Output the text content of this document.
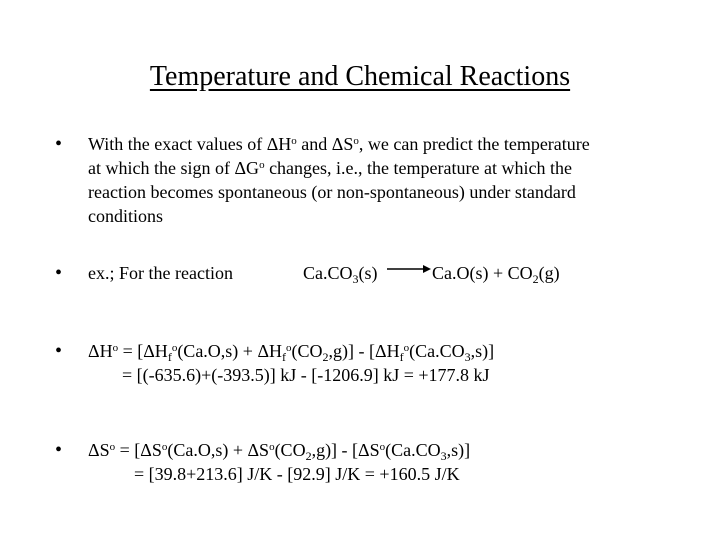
Temperature and Chemical Reactions
• With the exact values of $\Delta H^o$ and $\Delta S^o$, we can predict the temperature
at which the sign of $\Delta G^o$ changes, i.e., the temperature at which the
reaction becomes spontaneous (or non-spontaneous) under standard
conditions
• ex.; For the reaction	$Ca.CO_3(s) \to Ca.O(s) + CO_2(g)$
• $\Delta H^o = [\Delta H_f^o(Ca.O,s) + \Delta H_f^o(CO_2,g)] - [\Delta H_f^o(Ca.CO_3,s)]$
= [(-635.6)+(-393.5)] kJ - [-1206.9] kJ = +177.8 kJ
• $\Delta S^o = [\Delta S^o(Ca.O,s) + \Delta S^o(CO_2,g)] - [\Delta S^o(Ca.CO_3,s)]$
= [39.8+213.6] J/K - [92.9] J/K = +160.5 J/K
